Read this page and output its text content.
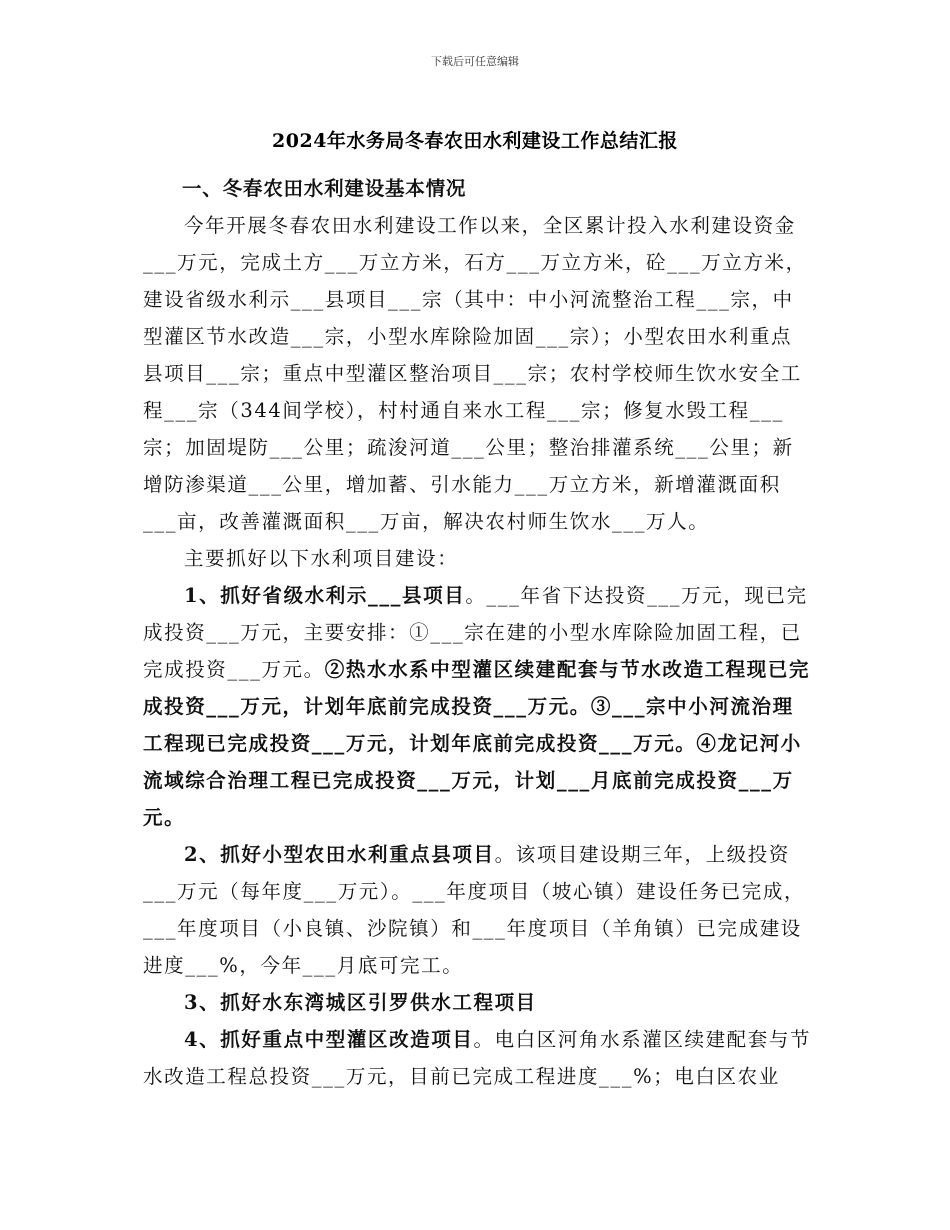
下载后可任意编辑
2024年水务局冬春农田水利建设工作总结汇报

一、冬春农田水利建设基本情况

今年开展冬春农田水利建设工作以来，全区累计投入水利建设资金___万元，完成土方___万立方米，石方___万立方米，砼___万立方米，建设省级水利示___县项目___宗（其中：中小河流整治工程___宗，中型灌区节水改造___宗，小型水库除险加固___宗）；小型农田水利重点县项目___宗；重点中型灌区整治项目___宗；农村学校师生饮水安全工程___宗（344间学校），村村通自来水工程___宗；修复水毁工程___宗；加固堤防___公里；疏浚河道___公里；整治排灌系统___公里；新增防渗渠道___公里，增加蓄、引水能力___万立方米，新增灌溉面积___亩，改善灌溉面积___万亩，解决农村师生饮水___万人。

主要抓好以下水利项目建设：

1、抓好省级水利示___县项目。___年省下达投资___万元，现已完成投资___万元，主要安排：①___宗在建的小型水库除险加固工程，已完成投资___万元。②热水水系中型灌区续建配套与节水改造工程现已完成投资___万元，计划年底前完成投资___万元。③___宗中小河流治理工程现已完成投资___万元，计划年底前完成投资___万元。④龙记河小流域综合治理工程已完成投资___万元，计划___月底前完成投资___万元。

2、抓好小型农田水利重点县项目。该项目建设期三年，上级投资___万元（每年度___万元）。___年度项目（坡心镇）建设任务已完成，___年度项目（小良镇、沙院镇）和___年度项目（羊角镇）已完成建设进度___%，今年___月底可完工。

3、抓好水东湾城区引罗供水工程项目

4、抓好重点中型灌区改造项目。电白区河角水系灌区续建配套与节水改造工程总投资___万元，目前已完成工程进度___%；电白区农业
